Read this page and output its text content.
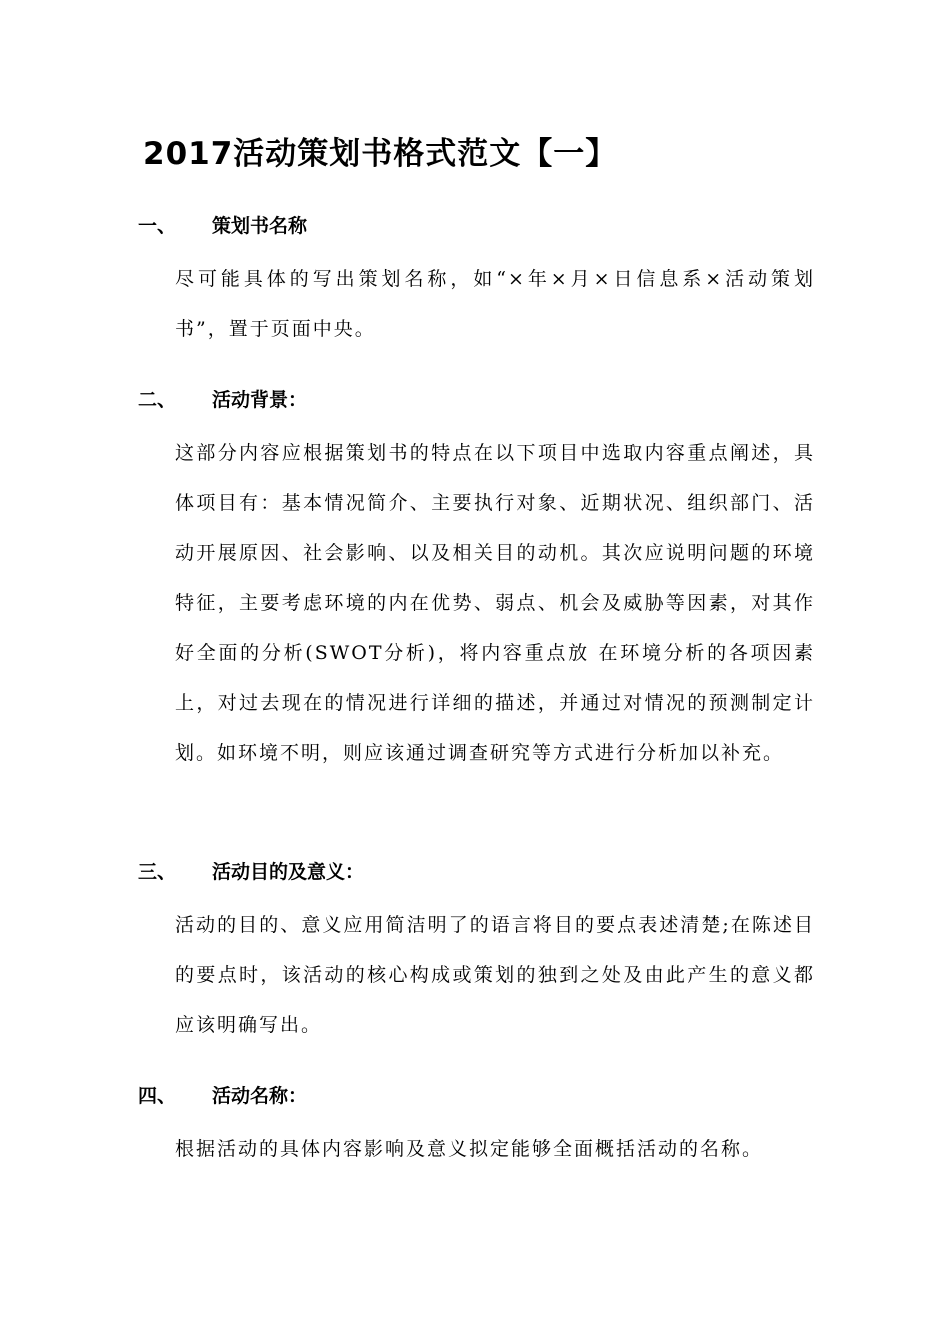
2017活动策划书格式范文【一】
一、 策划书名称
尽可能具体的写出策划名称，如“×年×月×日信息系×活动策划书”，置于页面中央。
二、 活动背景：
这部分内容应根据策划书的特点在以下项目中选取内容重点阐述，具体项目有：基本情况简介、主要执行对象、近期状况、组织部门、活动开展原因、社会影响、以及相关目的动机。其次应说明问题的环境特征，主要考虑环境的内在优势、弱点、机会及威胁等因素，对其作好全面的分析(SWOT分析)，将内容重点放 在环境分析的各项因素上，对过去现在的情况进行详细的描述，并通过对情况的预测制定计划。如环境不明，则应该通过调查研究等方式进行分析加以补充。
三、 活动目的及意义：
活动的目的、意义应用简洁明了的语言将目的要点表述清楚;在陈述目的要点时，该活动的核心构成或策划的独到之处及由此产生的意义都应该明确写出。
四、 活动名称：
根据活动的具体内容影响及意义拟定能够全面概括活动的名称。
